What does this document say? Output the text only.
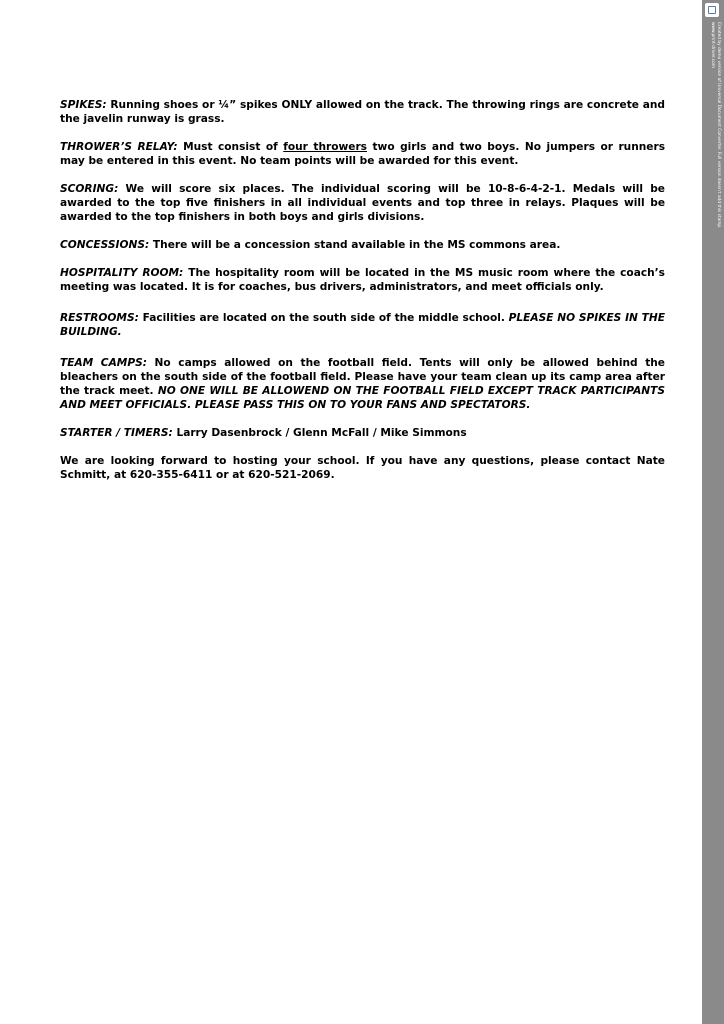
SPIKES: Running shoes or ¼” spikes ONLY allowed on the track. The throwing rings are concrete and the javelin runway is grass.

THROWER’S RELAY: Must consist of four throwers two girls and two boys. No jumpers or runners may be entered in this event. No team points will be awarded for this event.

SCORING: We will score six places. The individual scoring will be 10-8-6-4-2-1. Medals will be awarded to the top five finishers in all individual events and top three in relays. Plaques will be awarded to the top finishers in both boys and girls divisions.

CONCESSIONS: There will be a concession stand available in the MS commons area.

HOSPITALITY ROOM: The hospitality room will be located in the MS music room where the coach’s meeting was located. It is for coaches, bus drivers, administrators, and meet officials only.

RESTROOMS: Facilities are located on the south side of the middle school. PLEASE NO SPIKES IN THE BUILDING.

TEAM CAMPS: No camps allowed on the football field. Tents will only be allowed behind the bleachers on the south side of the football field. Please have your team clean up its camp area after the track meet. NO ONE WILL BE ALLOWEND ON THE FOOTBALL FIELD EXCEPT TRACK PARTICIPANTS AND MEET OFFICIALS. PLEASE PASS THIS ON TO YOUR FANS AND SPECTATORS.

STARTER / TIMERS: Larry Dasenbrock / Glenn McFall / Mike Simmons

We are looking forward to hosting your school. If you have any questions, please contact Nate Schmitt, at 620-355-6411 or at 620-521-2069.

Created by demo version of Universal Document Converter. Full version doesn't add this stamp.
www.print-driver.com
